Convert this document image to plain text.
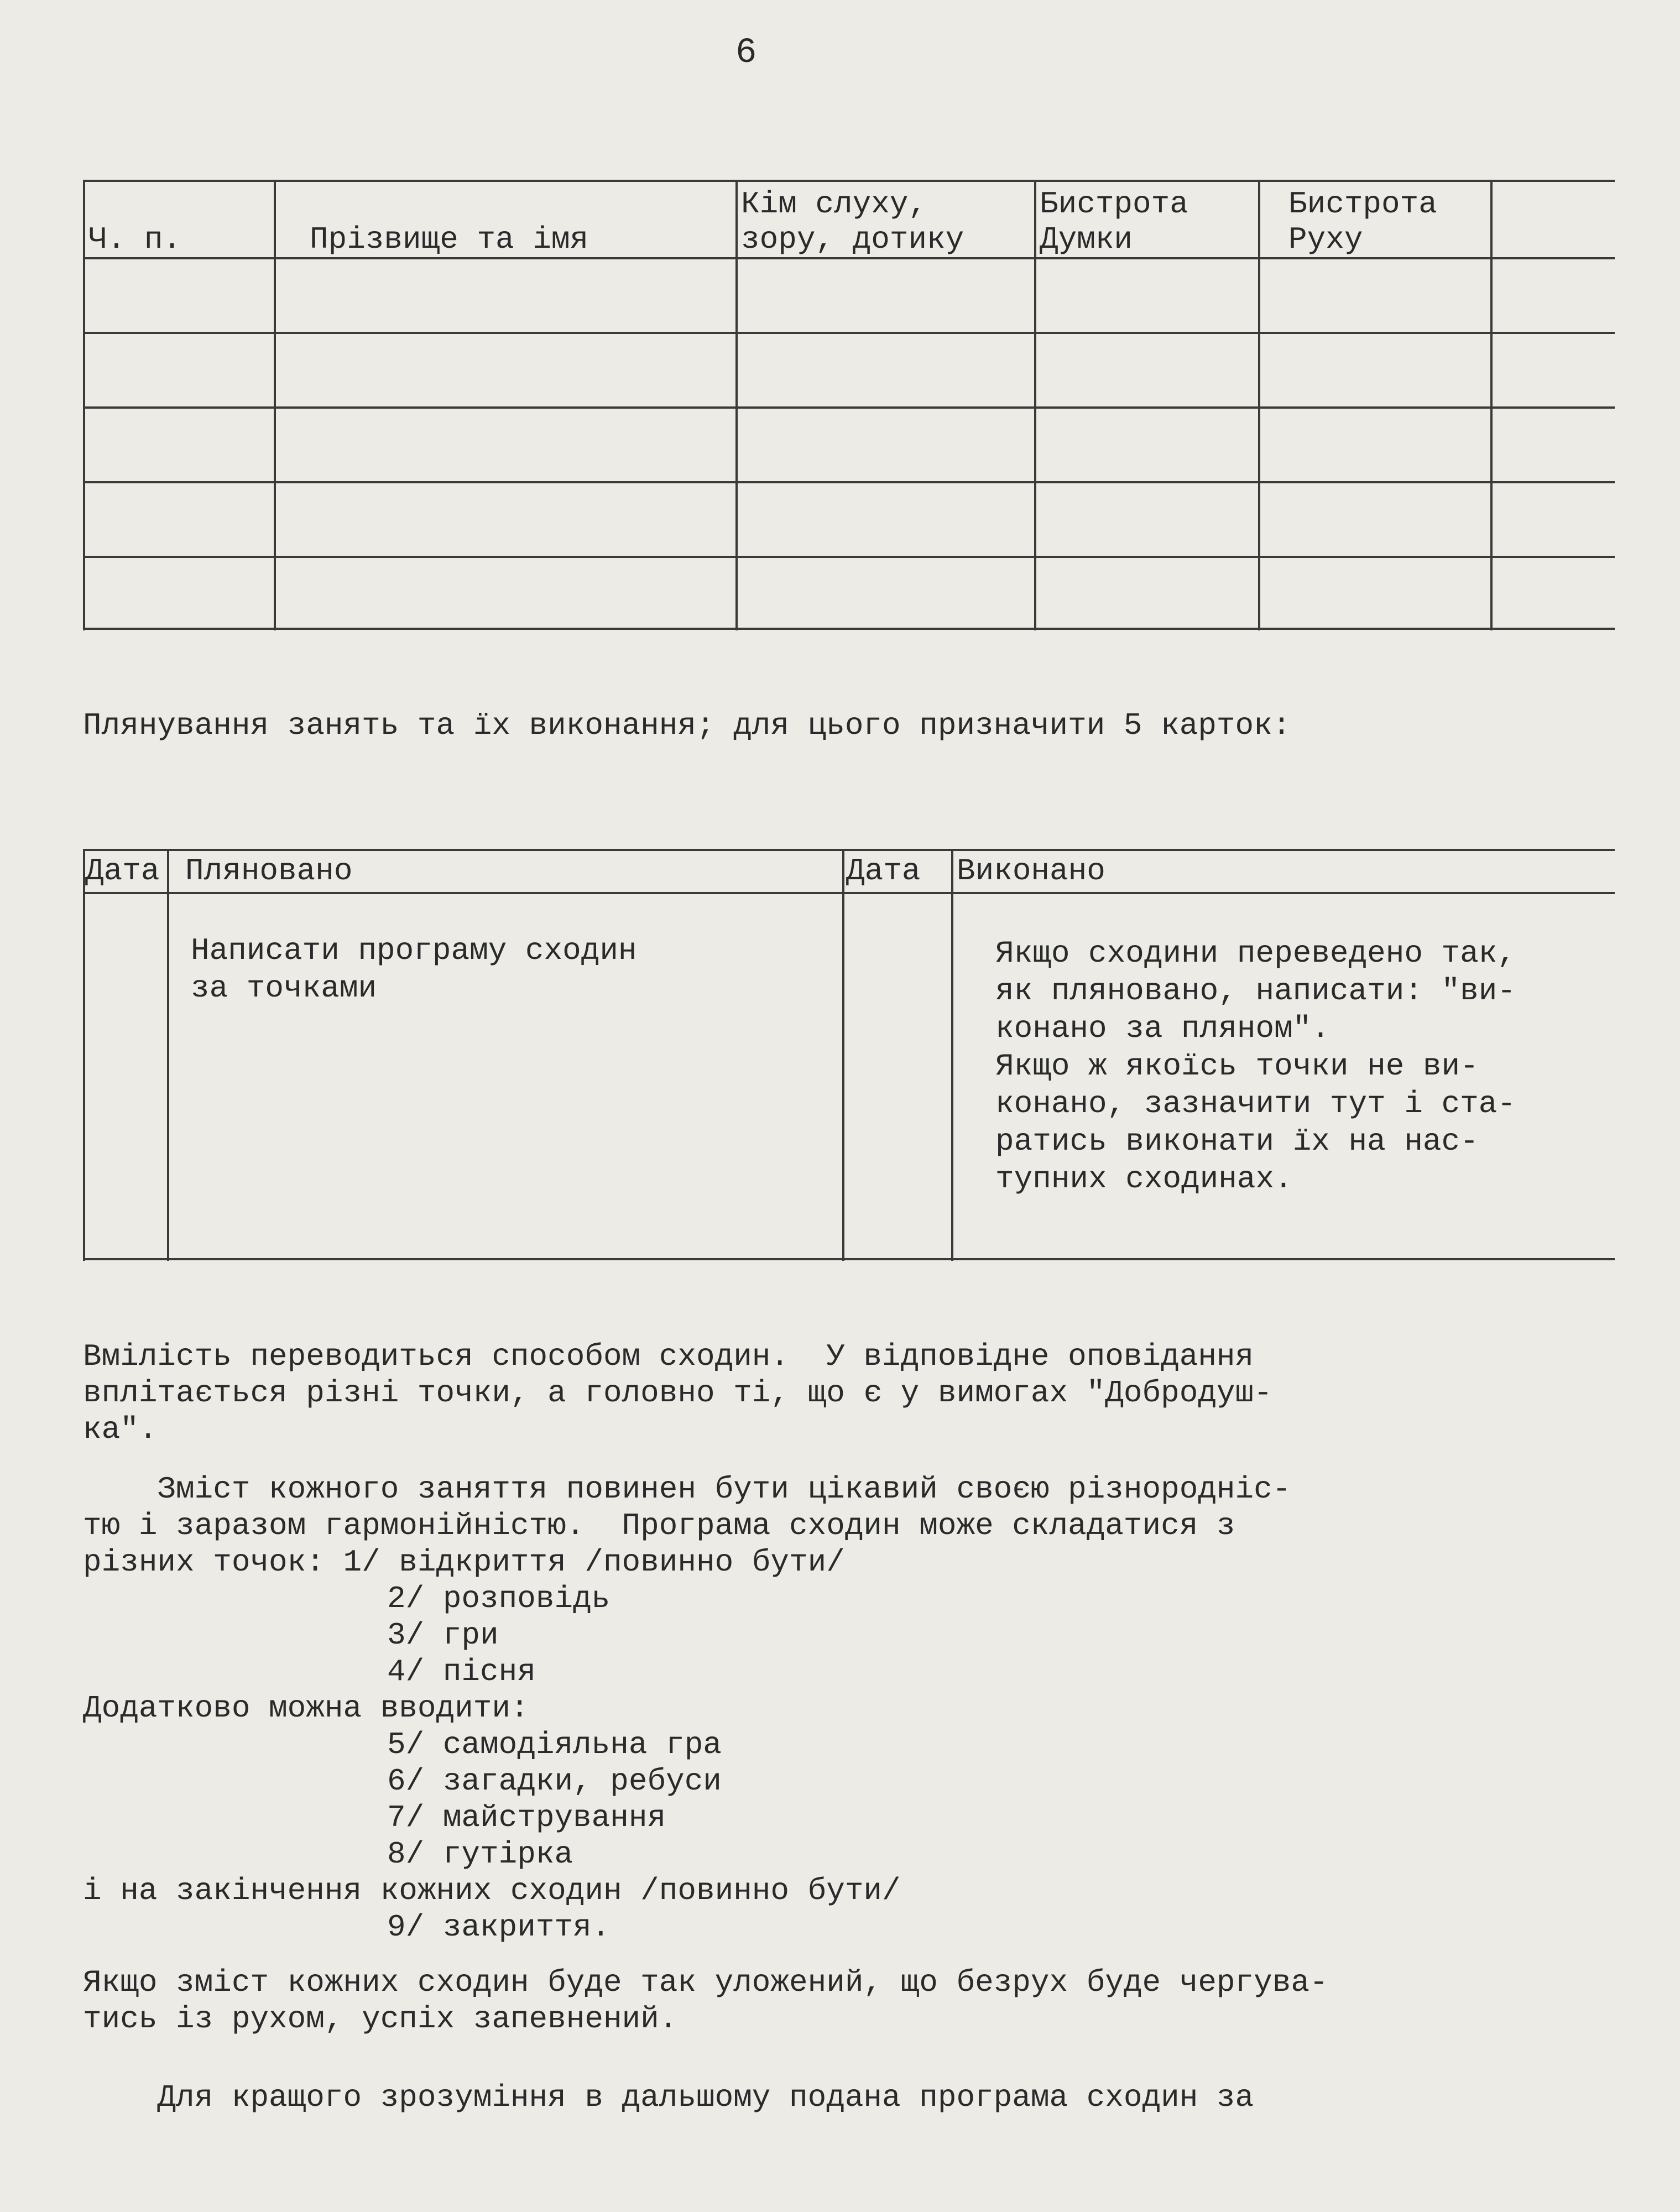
6
Ч. п.	Прізвище та імя
Кім слуху,
зору, дотику
Бистрота
Думки
Бистрота
Руху
Плянування занять та їх виконання; для цього призначити 5 карток:
Дата Пляновано	Дата Виконано
Написати програму сходин
за точками
Якщо сходини переведено так,
як пляновано, написати: "ви-
конано за пляном".
Якщо ж якоїсь точки не ви-
конано, зазначити тут і ста-
ратись виконати їх на нас-
тупних сходинах.
Вмілість переводиться способом сходин.  У відповідне оповідання
вплітається різні точки, а головно ті, що є у вимогах "Добродуш-
ка".
Зміст кожного заняття повинен бути цікавий своєю різнородніс-
тю і заразом гармонійністю.  Програма сходин може складатися з
різних точок: 1/ відкриття /повинно бути/
2/ розповідь
3/ гри
4/ пісня
Додатково можна вводити:
5/ самодіяльна гра
6/ загадки, ребуси
7/ майстрування
8/ гутірка
і на закінчення кожних сходин /повинно бути/
9/ закриття.
Якщо зміст кожних сходин буде так уложений, що безрух буде чергува-
тись із рухом, успіх запевнений.
Для кращого зрозуміння в дальшому подана програма сходин за
